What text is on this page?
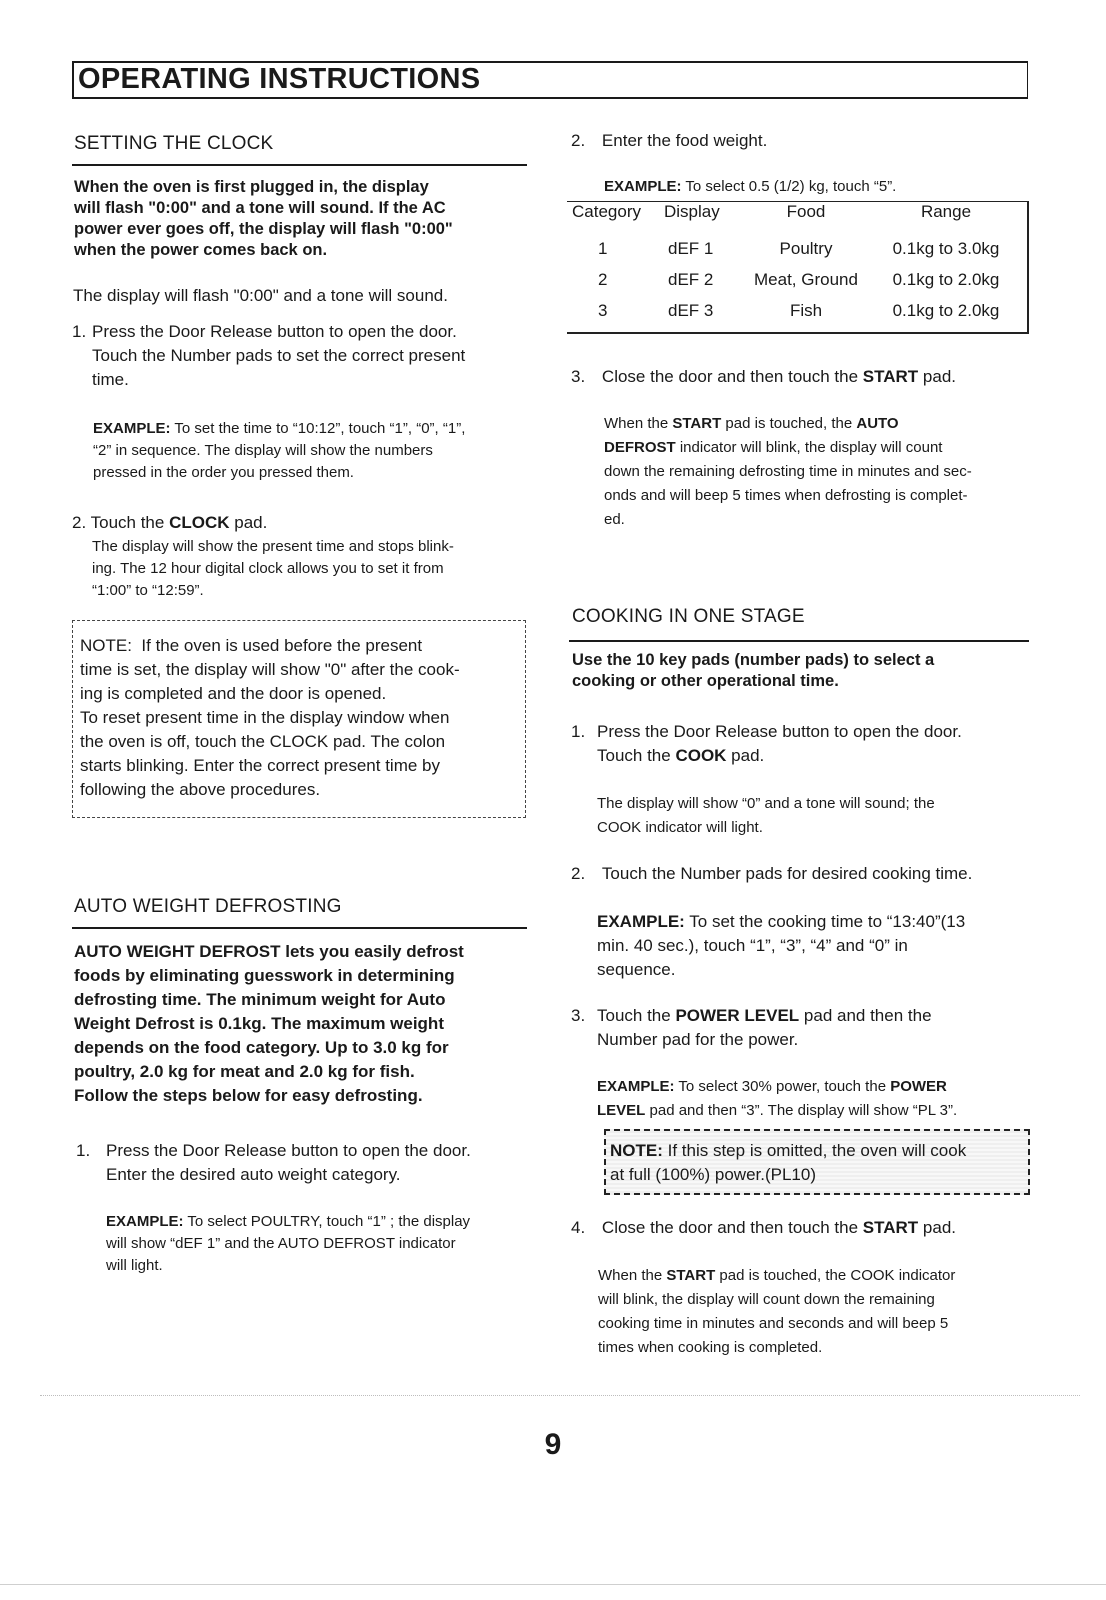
OPERATING INSTRUCTIONS
SETTING THE CLOCK
When the oven is first plugged in, the display
will flash "0:00" and a tone will sound. If the AC
power ever goes off, the display will flash "0:00"
when the power comes back on.
The display will flash "0:00" and a tone will sound.
1. Press the Door Release button to open the door.
Touch the Number pads to set the correct present
time.
EXAMPLE: To set the time to “10:12”, touch “1”, “0”, “1”,
“2” in sequence. The display will show the numbers
pressed in the order you pressed them.
2. Touch the CLOCK pad.
The display will show the present time and stops blink-
ing. The 12 hour digital clock allows you to set it from
“1:00” to “12:59”.
NOTE:  If the oven is used before the present
time is set, the display will show "0" after the cook-
ing is completed and the door is opened.
To reset present time in the display window when
the oven is off, touch the CLOCK pad. The colon
starts blinking. Enter the correct present time by
following the above procedures.
AUTO WEIGHT DEFROSTING
AUTO WEIGHT DEFROST lets you easily defrost
foods by eliminating guesswork in determining
defrosting time. The minimum weight for Auto
Weight Defrost is 0.1kg. The maximum weight
depends on the food category. Up to 3.0 kg for
poultry, 2.0 kg for meat and 2.0 kg for fish.
Follow the steps below for easy defrosting.
1. Press the Door Release button to open the door.
Enter the desired auto weight category.
EXAMPLE: To select POULTRY, touch “1” ; the display
will show “dEF 1” and the AUTO DEFROST indicator
will light.
2. Enter the food weight.
EXAMPLE: To select 0.5 (1/2) kg, touch “5”.
Category	Display	Food	Range
1	dEF 1	Poultry	0.1kg to 3.0kg
2	dEF 2	Meat, Ground	0.1kg to 2.0kg
3	dEF 3	Fish	0.1kg to 2.0kg
3. Close the door and then touch the START pad.
When the START pad is touched, the AUTO
DEFROST indicator will blink, the display will count
down the remaining defrosting time in minutes and sec-
onds and will beep 5 times when defrosting is complet-
ed.
COOKING IN ONE STAGE
Use the 10 key pads (number pads) to select a
cooking or other operational time.
1. Press the Door Release button to open the door.
Touch the COOK pad.
The display will show “0” and a tone will sound; the
COOK indicator will light.
2. Touch the Number pads for desired cooking time.
EXAMPLE: To set the cooking time to “13:40”(13
min. 40 sec.), touch “1”, “3”, “4” and “0” in
sequence.
3. Touch the POWER LEVEL pad and then the
Number pad for the power.
EXAMPLE: To select 30% power, touch the POWER
LEVEL pad and then “3”. The display will show “PL 3”.
NOTE: If this step is omitted, the oven will cook
at full (100%) power.(PL10)
4. Close the door and then touch the START pad.
When the START pad is touched, the COOK indicator
will blink, the display will count down the remaining
cooking time in minutes and seconds and will beep 5
times when cooking is completed.
9
